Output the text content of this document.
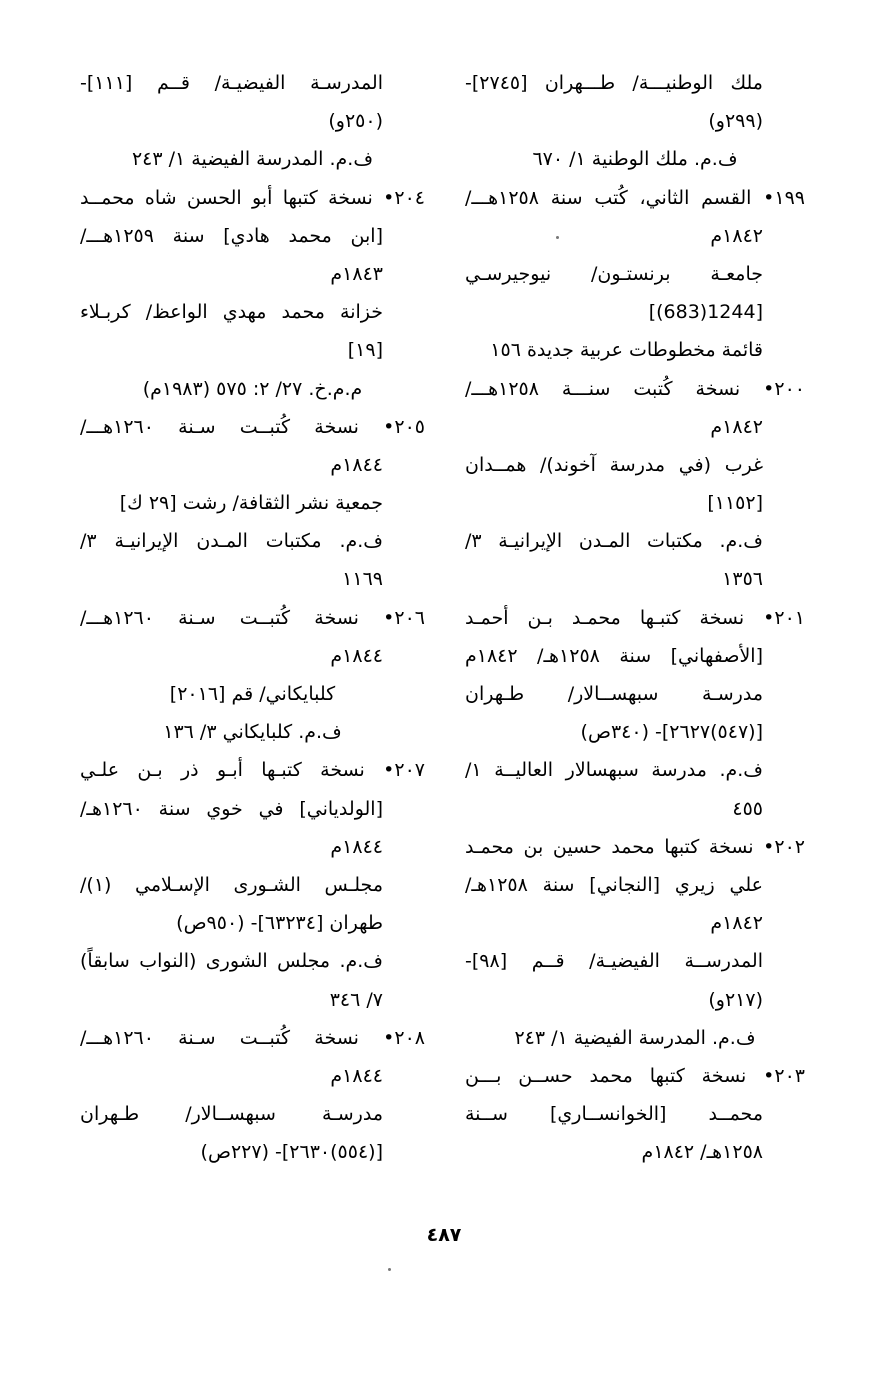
ملك الوطنيـــة/ طـــهران [٢٧٤٥]-
(٢٩٩و)
ف.م. ملك الوطنية ١/ ٦٧٠
١٩٩• القسم الثاني، كُتب سنة ١٢٥٨هـــ/
١٨٤٢م
جامعـة برنستـون/ نيوجيرسـي
[1244(683)]
قائمة مخطوطات عربية جديدة ١٥٦
٢٠٠• نسخة كُتبت سنـــة ١٢٥٨هـــ/
١٨٤٢م
غرب (في مدرسة آخوند)/ همــدان
[١١٥٢]
ف.م. مكتبات المـدن الإيرانيـة ٣/
١٣٥٦
٢٠١• نسخة كتبـها محمـد بـن أحمـد
[الأصفهاني] سنة ١٢٥٨هـ/ ١٨٤٢م
مدرسـة سبهســالار/ طـهران
[(٥٤٧)٢٦٢٧]- (٣٤٠ص)
ف.م. مدرسة سبهسالار العاليــة ١/
٤٥٥
٢٠٢• نسخة كتبها محمد حسين بن محمـد
علي زيري [النجاني] سنة ١٢٥٨هـ/
١٨٤٢م
المدرســة الفيضيـة/ قــم [٩٨]-
(٢١٧و)
ف.م. المدرسة الفيضية ١/ ٢٤٣
٢٠٣• نسخة كتبها محمد حســن بـــن
محمــد [الخوانســاري] ســنة
١٢٥٨هـ/ ١٨٤٢م
المدرسـة الفيضيـة/ قــم [١١١]-
(٢٥٠و)
ف.م. المدرسة الفيضية ١/ ٢٤٣
٢٠٤• نسخة كتبها أبو الحسن شاه محمــد
[ابن محمد هادي] سنة ١٢٥٩هـــ/
١٨٤٣م
خزانة محمد مهدي الواعظ/ كربـلاء
[١٩]
م.م.خ. ٢٧/ ٢: ٥٧٥ (١٩٨٣م)
٢٠٥• نسخة كُتبــت سـنة ١٢٦٠هـــ/
١٨٤٤م
جمعية نشر الثقافة/ رشت [٢٩ ك]
ف.م. مكتبات المـدن الإيرانيـة ٣/
١١٦٩
٢٠٦• نسخة كُتبــت سـنة ١٢٦٠هـــ/
١٨٤٤م
كلبايكاني/ قم [٢٠١٦]
ف.م. كلبايكاني ٣/ ١٣٦
٢٠٧• نسخة كتبـها أبـو ذر بـن علـي
[الولدياني] في خوي سنة ١٢٦٠هـ/
١٨٤٤م
مجلـس الشـورى الإسـلامي (١)/
طهران [٦٣٢٣٤]- (٩٥٠ص)
ف.م. مجلس الشورى (النواب سابقاً)
٧/ ٣٤٦
٢٠٨• نسخة كُتبــت سـنة ١٢٦٠هـــ/
١٨٤٤م
مدرسـة سبهســالار/ طـهران
[(٥٥٤)٢٦٣٠]- (٢٢٧ص)
٤٨٧
